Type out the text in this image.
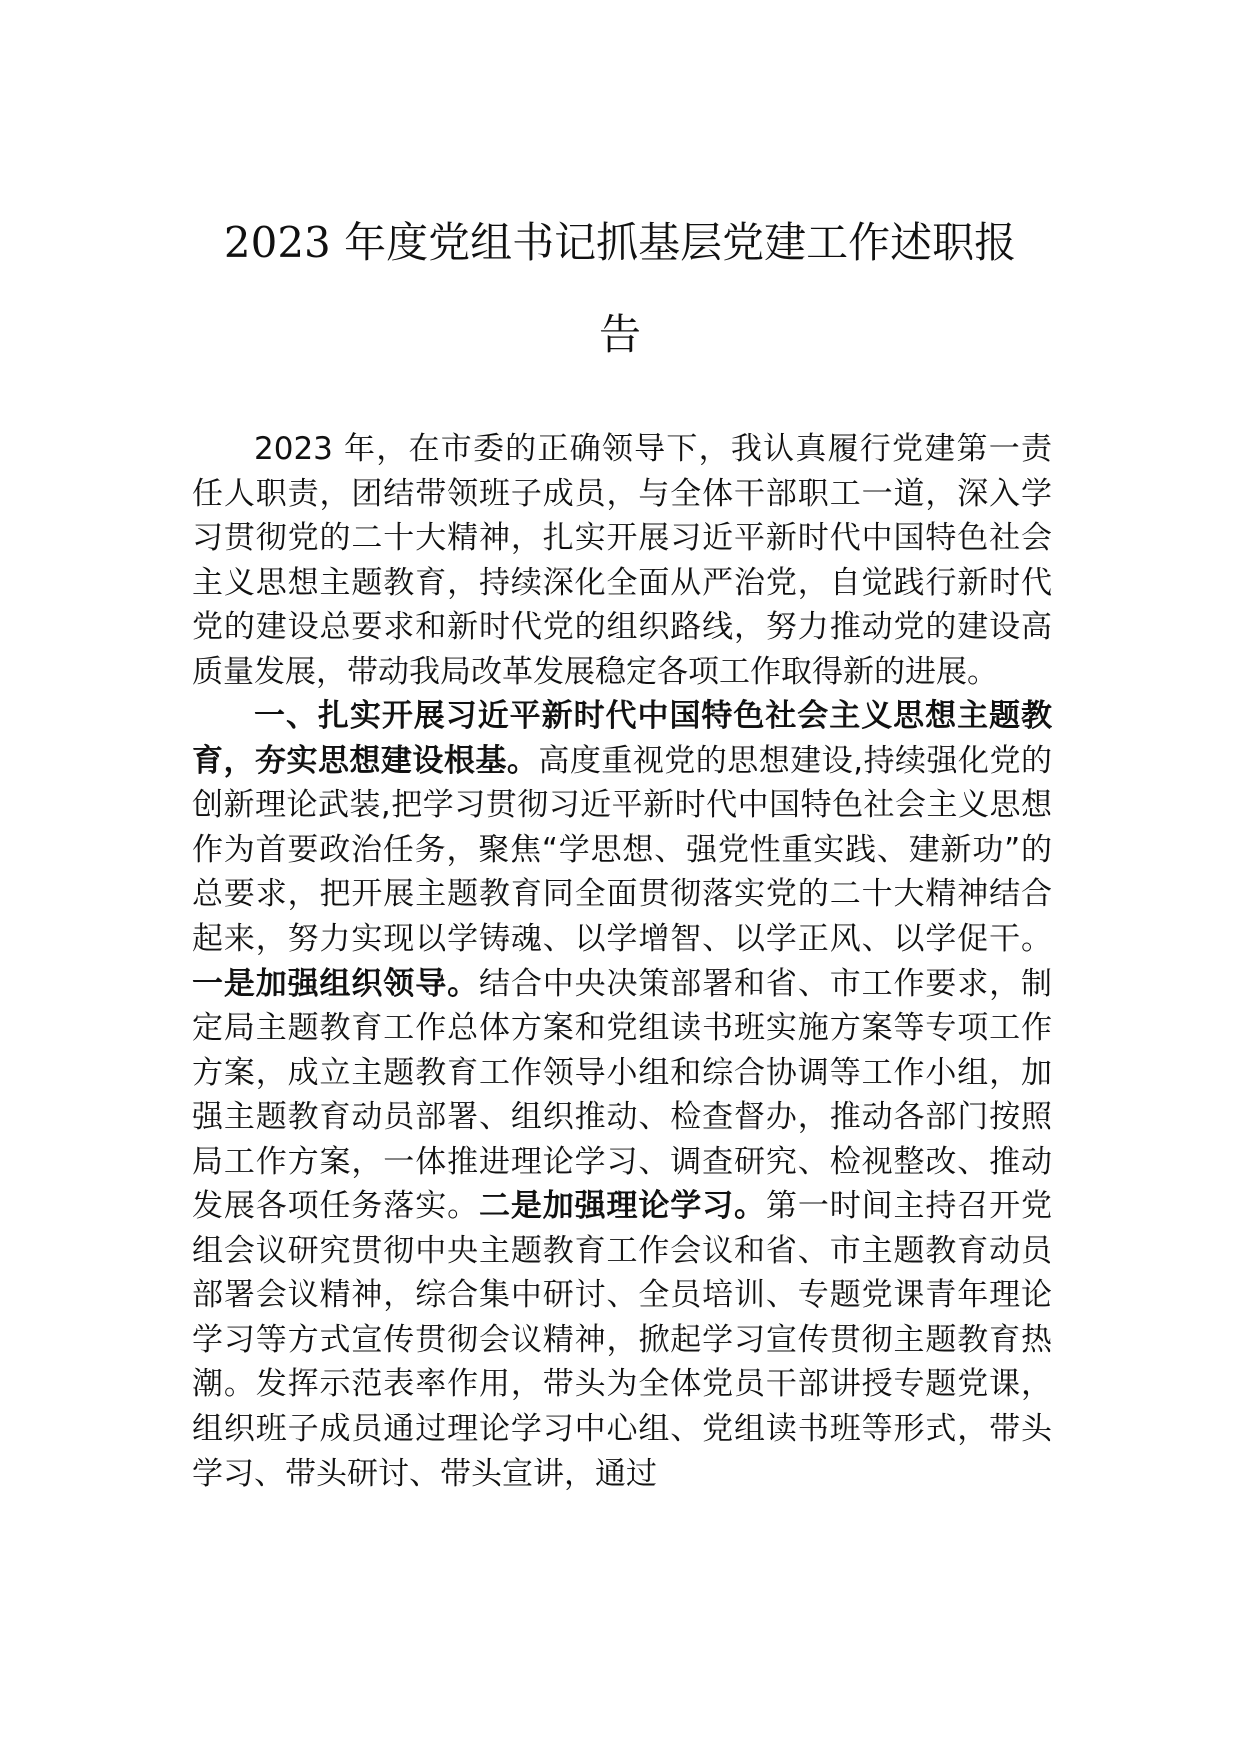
2023 年度党组书记抓基层党建工作述职报
告

2023 年，在市委的正确领导下，我认真履行党建第一责任人职责，团结带领班子成员，与全体干部职工一道，深入学习贯彻党的二十大精神，扎实开展习近平新时代中国特色社会主义思想主题教育，持续深化全面从严治党，自觉践行新时代党的建设总要求和新时代党的组织路线，努力推动党的建设高质量发展，带动我局改革发展稳定各项工作取得新的进展。

一、扎实开展习近平新时代中国特色社会主义思想主题教育，夯实思想建设根基。高度重视党的思想建设,持续强化党的创新理论武装,把学习贯彻习近平新时代中国特色社会主义思想作为首要政治任务，聚焦“学思想、强党性重实践、建新功”的总要求，把开展主题教育同全面贯彻落实党的二十大精神结合起来，努力实现以学铸魂、以学增智、以学正风、以学促干。一是加强组织领导。结合中央决策部署和省、市工作要求，制定局主题教育工作总体方案和党组读书班实施方案等专项工作方案，成立主题教育工作领导小组和综合协调等工作小组，加强主题教育动员部署、组织推动、检查督办，推动各部门按照局工作方案，一体推进理论学习、调查研究、检视整改、推动发展各项任务落实。二是加强理论学习。第一时间主持召开党组会议研究贯彻中央主题教育工作会议和省、市主题教育动员部署会议精神，综合集中研讨、全员培训、专题党课青年理论学习等方式宣传贯彻会议精神，掀起学习宣传贯彻主题教育热潮。发挥示范表率作用，带头为全体党员干部讲授专题党课，组织班子成员通过理论学习中心组、党组读书班等形式，带头学习、带头研讨、带头宣讲，通过
